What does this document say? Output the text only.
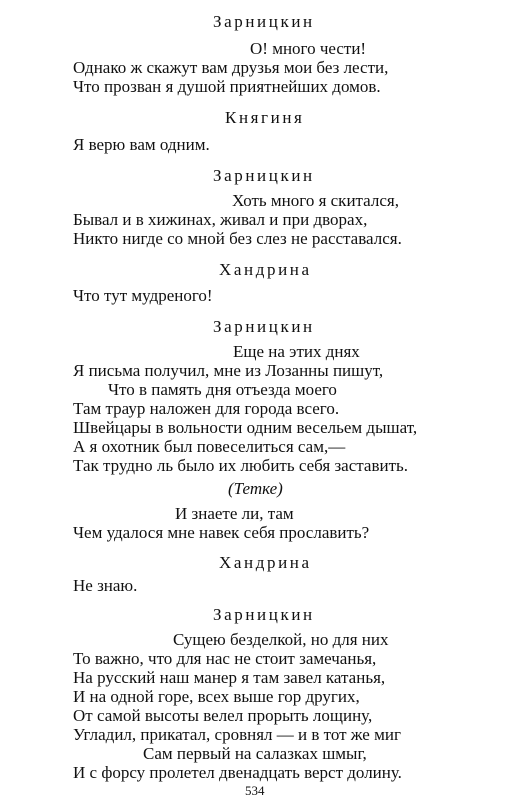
Зарницкин
О! много чести!
Однако ж скажут вам друзья мои без лести,
Что прозван я душой приятнейших домов.
Княгиня
Я верю вам одним.
Зарницкин
Хоть много я скитался,
Бывал и в хижинах, живал и при дворах,
Никто нигде со мной без слез не расставался.
Хандрина
Что тут мудреного!
Зарницкин
Еще на этих днях
Я письма получил, мне из Лозанны пишут,
Что в память дня отъезда моего
Там траур наложен для города всего.
Швейцары в вольности одним весельем дышат,
А я охотник был повеселиться сам,—
Так трудно ль было их любить себя заставить.
(Тетке)
И знаете ли, там
Чем удалося мне навек себя прославить?
Хандрина
Не знаю.
Зарницкин
Сущею безделкой, но для них
То важно, что для нас не стоит замечанья,
На русский наш манер я там завел катанья,
И на одной горе, всех выше гор других,
От самой высоты велел прорыть лощину,
Угладил, прикатал, сровнял — и в тот же миг
Сам первый на салазках шмыг,
И с форсу пролетел двенадцать верст долину.
534
